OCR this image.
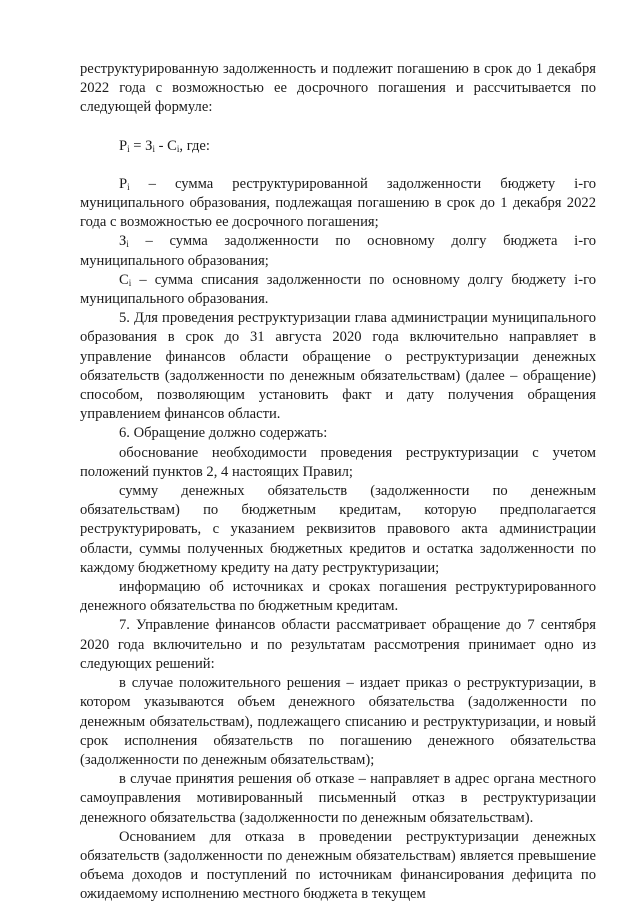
реструктурированную задолженность и подлежит погашению в срок до 1 декабря 2022 года с возможностью ее досрочного погашения и рассчитывается по следующей формуле:

$Р_i = З_i - С_i$, где:

$Р_i$ – сумма реструктурированной задолженности бюджету i-го муниципального образования, подлежащая погашению в срок до 1 декабря 2022 года с возможностью ее досрочного погашения;

$З_i$ – сумма задолженности по основному долгу бюджета i-го муниципального образования;

$С_i$ – сумма списания задолженности по основному долгу бюджету i-го муниципального образования.

5. Для проведения реструктуризации глава администрации муниципального образования в срок до 31 августа 2020 года включительно направляет в управление финансов области обращение о реструктуризации денежных обязательств (задолженности по денежным обязательствам) (далее – обращение) способом, позволяющим установить факт и дату получения обращения управлением финансов области.

6. Обращение должно содержать:

обоснование необходимости проведения реструктуризации с учетом положений пунктов 2, 4 настоящих Правил;

сумму денежных обязательств (задолженности по денежным обязательствам) по бюджетным кредитам, которую предполагается реструктурировать, с указанием реквизитов правового акта администрации области, суммы полученных бюджетных кредитов и остатка задолженности по каждому бюджетному кредиту на дату реструктуризации;

информацию об источниках и сроках погашения реструктурированного денежного обязательства по бюджетным кредитам.

7. Управление финансов области рассматривает обращение до 7 сентября 2020 года включительно и по результатам рассмотрения принимает одно из следующих решений:

в случае положительного решения – издает приказ о реструктуризации, в котором указываются объем денежного обязательства (задолженности по денежным обязательствам), подлежащего списанию и реструктуризации, и новый срок исполнения обязательств по погашению денежного обязательства (задолженности по денежным обязательствам);

в случае принятия решения об отказе – направляет в адрес органа местного самоуправления мотивированный письменный отказ в реструктуризации денежного обязательства (задолженности по денежным обязательствам).

Основанием для отказа в проведении реструктуризации денежных обязательств (задолженности по денежным обязательствам) является превышение объема доходов и поступлений по источникам финансирования дефицита по ожидаемому исполнению местного бюджета в текущем
